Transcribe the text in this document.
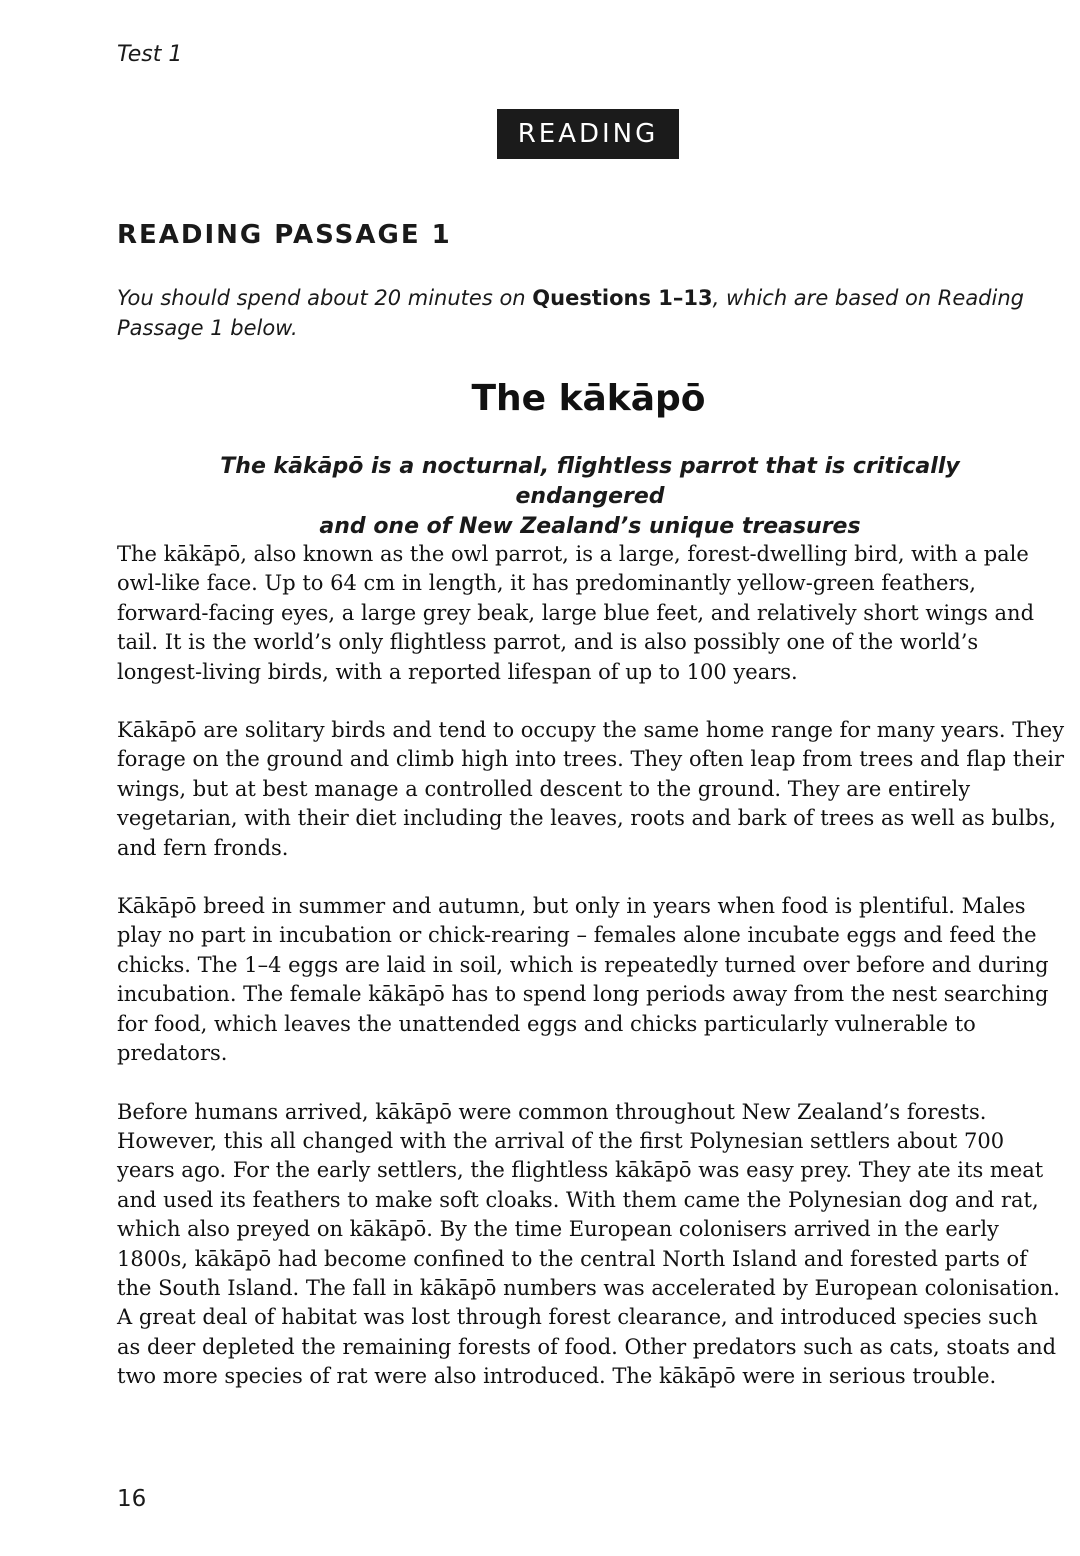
Test 1
READING
READING PASSAGE 1
You should spend about 20 minutes on Questions 1–13, which are based on Reading Passage 1 below.
The kākāpō
The kākāpō is a nocturnal, flightless parrot that is critically endangered
and one of New Zealand’s unique treasures

The kākāpō, also known as the owl parrot, is a large, forest-dwelling bird, with a pale owl-like face. Up to 64 cm in length, it has predominantly yellow-green feathers, forward-facing eyes, a large grey beak, large blue feet, and relatively short wings and tail. It is the world’s only flightless parrot, and is also possibly one of the world’s longest-living birds, with a reported lifespan of up to 100 years.

Kākāpō are solitary birds and tend to occupy the same home range for many years. They forage on the ground and climb high into trees. They often leap from trees and flap their wings, but at best manage a controlled descent to the ground. They are entirely vegetarian, with their diet including the leaves, roots and bark of trees as well as bulbs, and fern fronds.

Kākāpō breed in summer and autumn, but only in years when food is plentiful. Males play no part in incubation or chick-rearing – females alone incubate eggs and feed the chicks. The 1–4 eggs are laid in soil, which is repeatedly turned over before and during incubation. The female kākāpō has to spend long periods away from the nest searching for food, which leaves the unattended eggs and chicks particularly vulnerable to predators.

Before humans arrived, kākāpō were common throughout New Zealand’s forests. However, this all changed with the arrival of the first Polynesian settlers about 700 years ago. For the early settlers, the flightless kākāpō was easy prey. They ate its meat and used its feathers to make soft cloaks. With them came the Polynesian dog and rat, which also preyed on kākāpō. By the time European colonisers arrived in the early 1800s, kākāpō had become confined to the central North Island and forested parts of the South Island. The fall in kākāpō numbers was accelerated by European colonisation. A great deal of habitat was lost through forest clearance, and introduced species such as deer depleted the remaining forests of food. Other predators such as cats, stoats and two more species of rat were also introduced. The kākāpō were in serious trouble.

16
